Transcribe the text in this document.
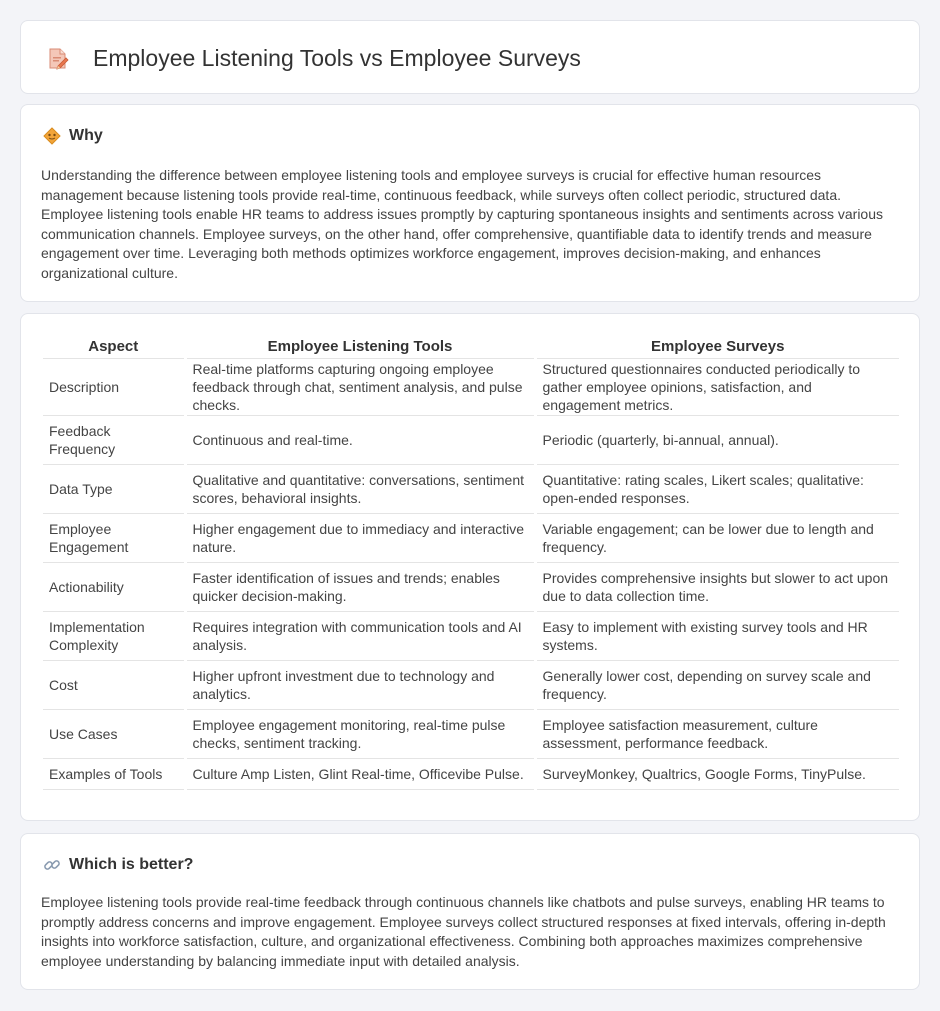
Employee Listening Tools vs Employee Surveys
Why

Understanding the difference between employee listening tools and employee surveys is crucial for effective human resources management because listening tools provide real-time, continuous feedback, while surveys often collect periodic, structured data. Employee listening tools enable HR teams to address issues promptly by capturing spontaneous insights and sentiments across various communication channels. Employee surveys, on the other hand, offer comprehensive, quantifiable data to identify trends and measure engagement over time. Leveraging both methods optimizes workforce engagement, improves decision-making, and enhances organizational culture.

Aspect	Employee Listening Tools	Employee Surveys
Description	Real-time platforms capturing ongoing employee feedback through chat, sentiment analysis, and pulse checks.	Structured questionnaires conducted periodically to gather employee opinions, satisfaction, and engagement metrics.
Feedback Frequency	Continuous and real-time.	Periodic (quarterly, bi-annual, annual).
Data Type	Qualitative and quantitative: conversations, sentiment scores, behavioral insights.	Quantitative: rating scales, Likert scales; qualitative: open-ended responses.
Employee Engagement	Higher engagement due to immediacy and interactive nature.	Variable engagement; can be lower due to length and frequency.
Actionability	Faster identification of issues and trends; enables quicker decision-making.	Provides comprehensive insights but slower to act upon due to data collection time.
Implementation Complexity	Requires integration with communication tools and AI analysis.	Easy to implement with existing survey tools and HR systems.
Cost	Higher upfront investment due to technology and analytics.	Generally lower cost, depending on survey scale and frequency.
Use Cases	Employee engagement monitoring, real-time pulse checks, sentiment tracking.	Employee satisfaction measurement, culture assessment, performance feedback.
Examples of Tools	Culture Amp Listen, Glint Real-time, Officevibe Pulse.	SurveyMonkey, Qualtrics, Google Forms, TinyPulse.
Which is better?

Employee listening tools provide real-time feedback through continuous channels like chatbots and pulse surveys, enabling HR teams to promptly address concerns and improve engagement. Employee surveys collect structured responses at fixed intervals, offering in-depth insights into workforce satisfaction, culture, and organizational effectiveness. Combining both approaches maximizes comprehensive employee understanding by balancing immediate input with detailed analysis.
